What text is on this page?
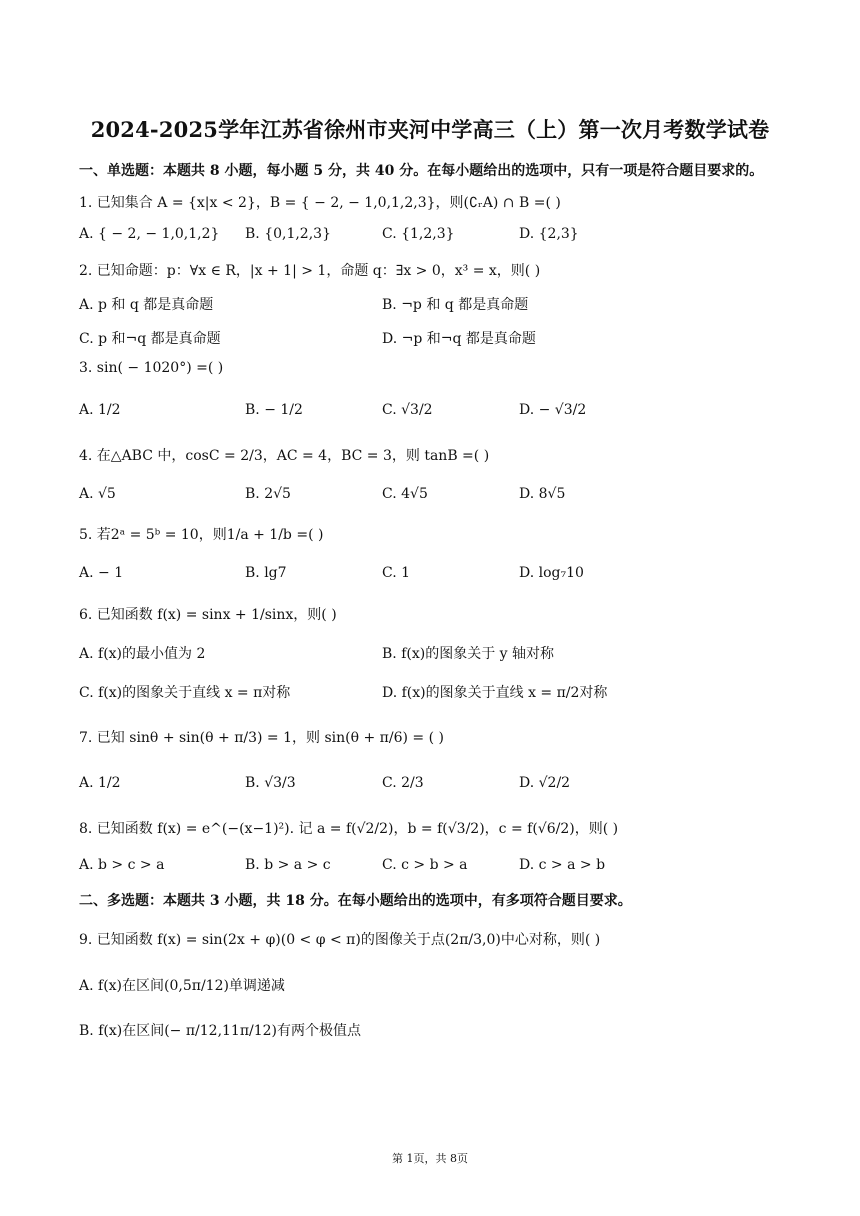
2024-2025学年江苏省徐州市夹河中学高三（上）第一次月考数学试卷
一、单选题：本题共 8 小题，每小题 5 分，共 40 分。在每小题给出的选项中，只有一项是符合题目要求的。
1. 已知集合 A = {x|x < 2}，B = { − 2, − 1,0,1,2,3}，则(∁ᵣA) ∩ B =( )
A. { − 2, − 1,0,1,2} B. {0,1,2,3}	C. {1,2,3}	D. {2,3}
2. 已知命题：p：∀x ∈ R，|x + 1| > 1，命题 q：∃x > 0，x³ = x，则( )
A. p 和 q 都是真命题	B. ¬p 和 q 都是真命题
C. p 和¬q 都是真命题	D. ¬p 和¬q 都是真命题
3. sin( − 1020°) =( )
A. 1/2	B. − 1/2	C. √3/2	D. − √3/2
4. 在△ABC 中，cosC = 2/3，AC = 4，BC = 3，则 tanB =( )
A. √5	B. 2√5	C. 4√5	D. 8√5
5. 若2ᵃ = 5ᵇ = 10，则1/a + 1/b =( )
A. − 1	B. lg7	C. 1	D. log₇10
6. 已知函数 f(x) = sinx + 1/sinx，则( )
A. f(x)的最小值为 2	B. f(x)的图象关于 y 轴对称
C. f(x)的图象关于直线 x = π对称	D. f(x)的图象关于直线 x = π/2对称
7. 已知 sinθ + sin(θ + π/3) = 1，则 sin(θ + π/6) = ( )
A. 1/2	B. √3/3	C. 2/3	D. √2/2
8. 已知函数 f(x) = e^(−(x−1)²). 记 a = f(√2/2)，b = f(√3/2)，c = f(√6/2)，则( )
A. b > c > a	B. b > a > c	C. c > b > a	D. c > a > b
二、多选题：本题共 3 小题，共 18 分。在每小题给出的选项中，有多项符合题目要求。
9. 已知函数 f(x) = sin(2x + φ)(0 < φ < π)的图像关于点(2π/3,0)中心对称，则( )
A. f(x)在区间(0,5π/12)单调递减
B. f(x)在区间(− π/12,11π/12)有两个极值点
第 1页，共 8页
